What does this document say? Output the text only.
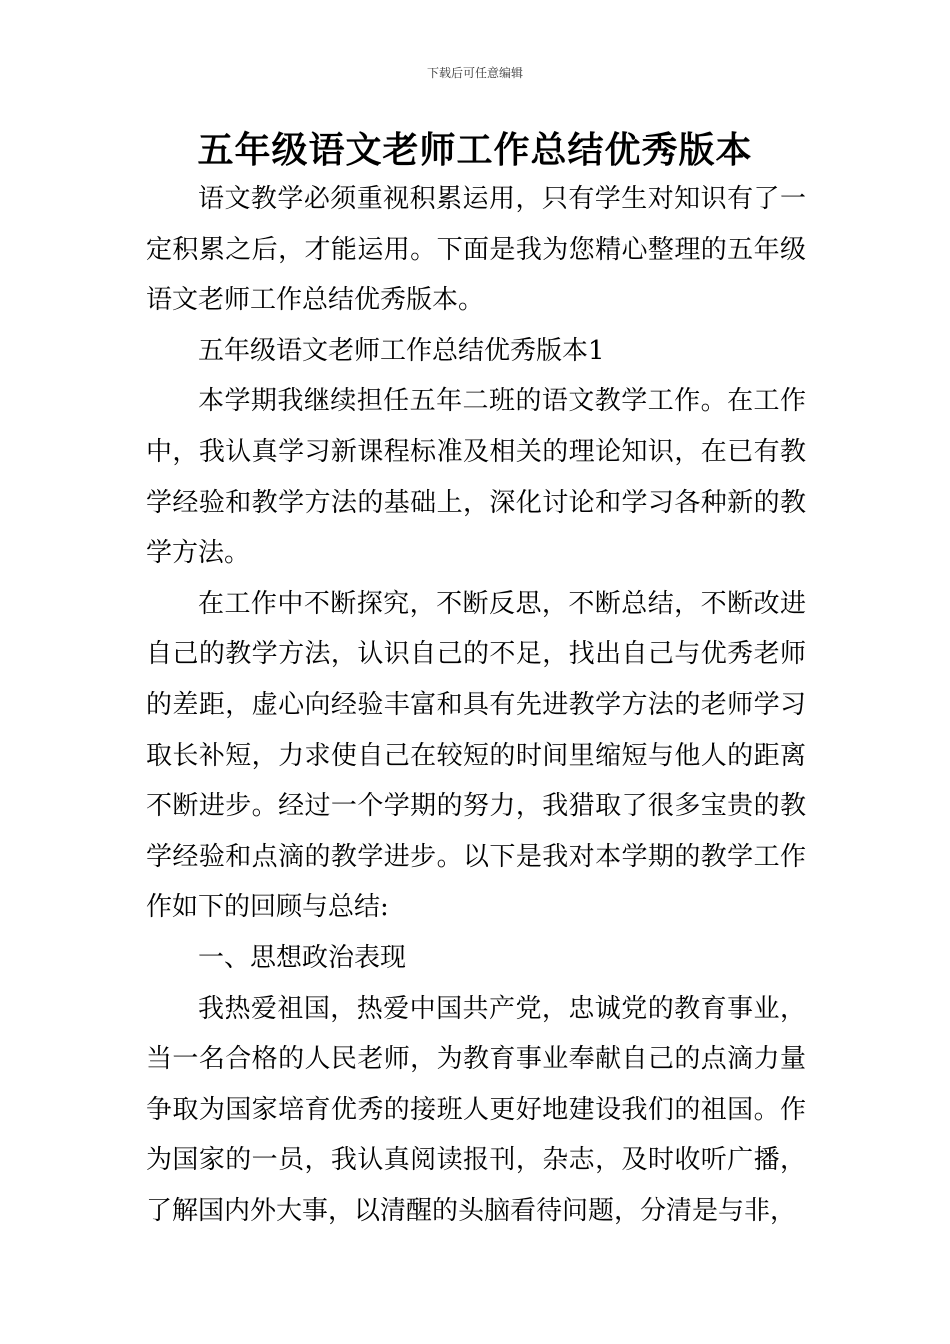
下载后可任意编辑
五年级语文老师工作总结优秀版本

语文教学必须重视积累运用，只有学生对知识有了一定积累之后，才能运用。下面是我为您精心整理的五年级语文老师工作总结优秀版本。

五年级语文老师工作总结优秀版本1

本学期我继续担任五年二班的语文教学工作。在工作中，我认真学习新课程标准及相关的理论知识，在已有教学经验和教学方法的基础上，深化讨论和学习各种新的教学方法。

在工作中不断探究，不断反思，不断总结，不断改进自己的教学方法，认识自己的不足，找出自己与优秀老师的差距，虚心向经验丰富和具有先进教学方法的老师学习取长补短，力求使自己在较短的时间里缩短与他人的距离不断进步。经过一个学期的努力，我猎取了很多宝贵的教学经验和点滴的教学进步。以下是我对本学期的教学工作作如下的回顾与总结:

一、思想政治表现

我热爱祖国，热爱中国共产党，忠诚党的教育事业，当一名合格的人民老师，为教育事业奉献自己的点滴力量争取为国家培育优秀的接班人更好地建设我们的祖国。作为国家的一员，我认真阅读报刊，杂志，及时收听广播，了解国内外大事，以清醒的头脑看待问题，分清是与非，
